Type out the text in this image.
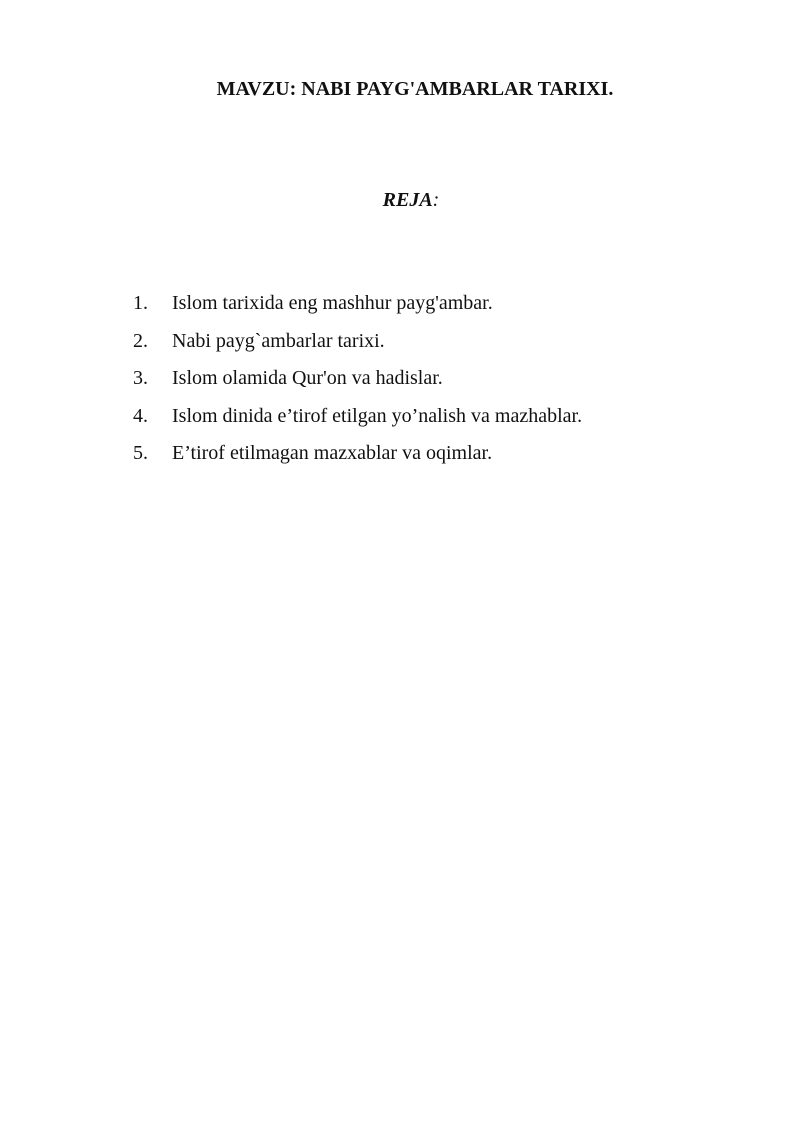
MAVZU: NABI PAYG'AMBARLAR TARIXI.
REJA:
1.	Islom tarixida eng mashhur payg'ambar.
2.	Nabi payg`ambarlar tarixi.
3.	Islom olamida Qur'on va hadislar.
4.	Islom dinida e’tirof etilgan yo’nalish va mazhablar.
5.	E’tirof etilmagan mazxablar va oqimlar.
